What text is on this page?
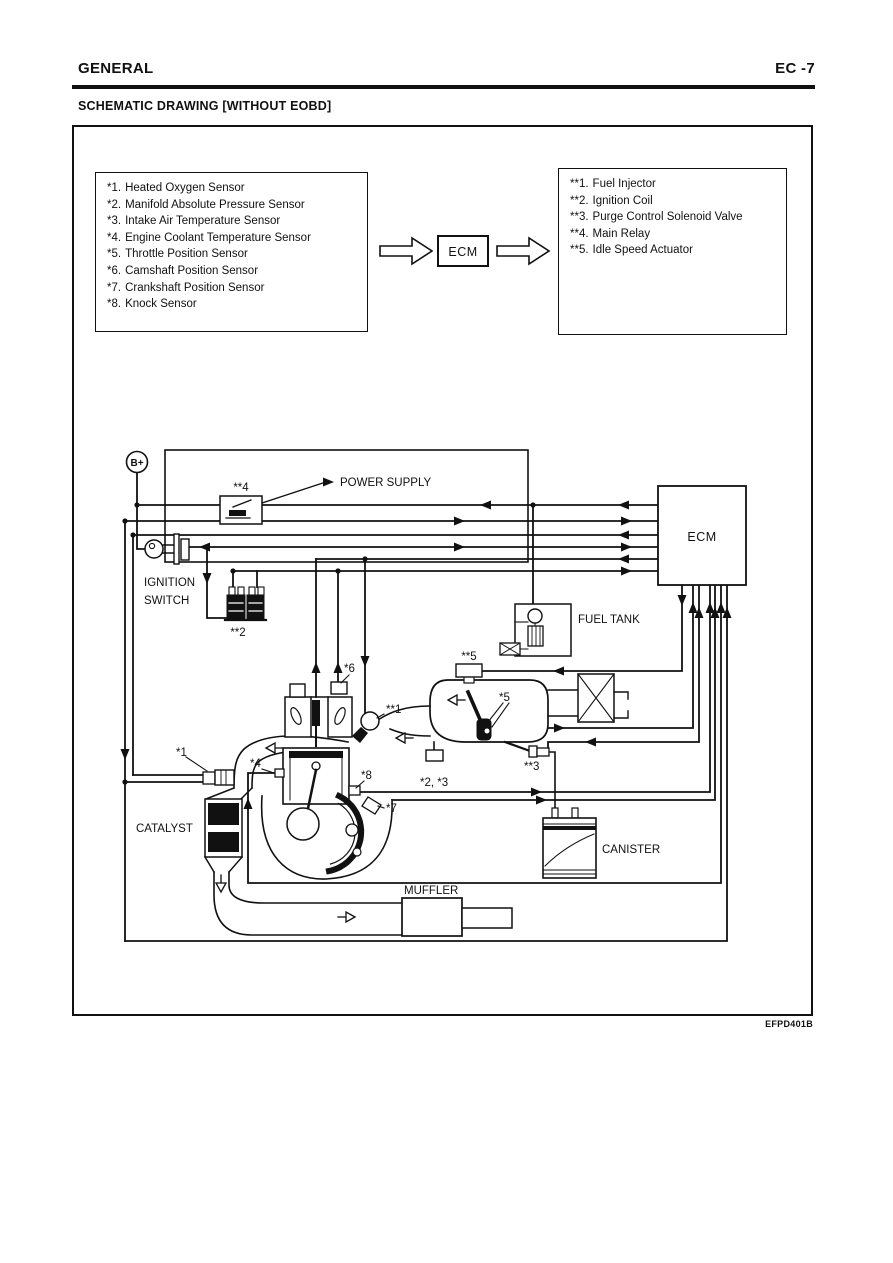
GENERAL	EC -7
SCHEMATIC DRAWING [WITHOUT EOBD]
*1. Heated Oxygen Sensor
*2. Manifold Absolute Pressure Sensor
*3. Intake Air Temperature Sensor
*4. Engine Coolant Temperature Sensor
*5. Throttle Position Sensor
*6. Camshaft Position Sensor
*7. Crankshaft Position Sensor
*8. Knock Sensor
**1. Fuel Injector
**2. Ignition Coil
**3. Purge Control Solenoid Valve
**4. Main Relay
**5. Idle Speed Actuator
ECM
B+
**4	POWER SUPPLY
ECM
IGNITION
SWITCH
**2
FUEL TANK
**5
*5
*2, *3
**3
CANISTER
*6
**1
*4
*8
*7
CATALYST
*1
MUFFLER
EFPD401B
